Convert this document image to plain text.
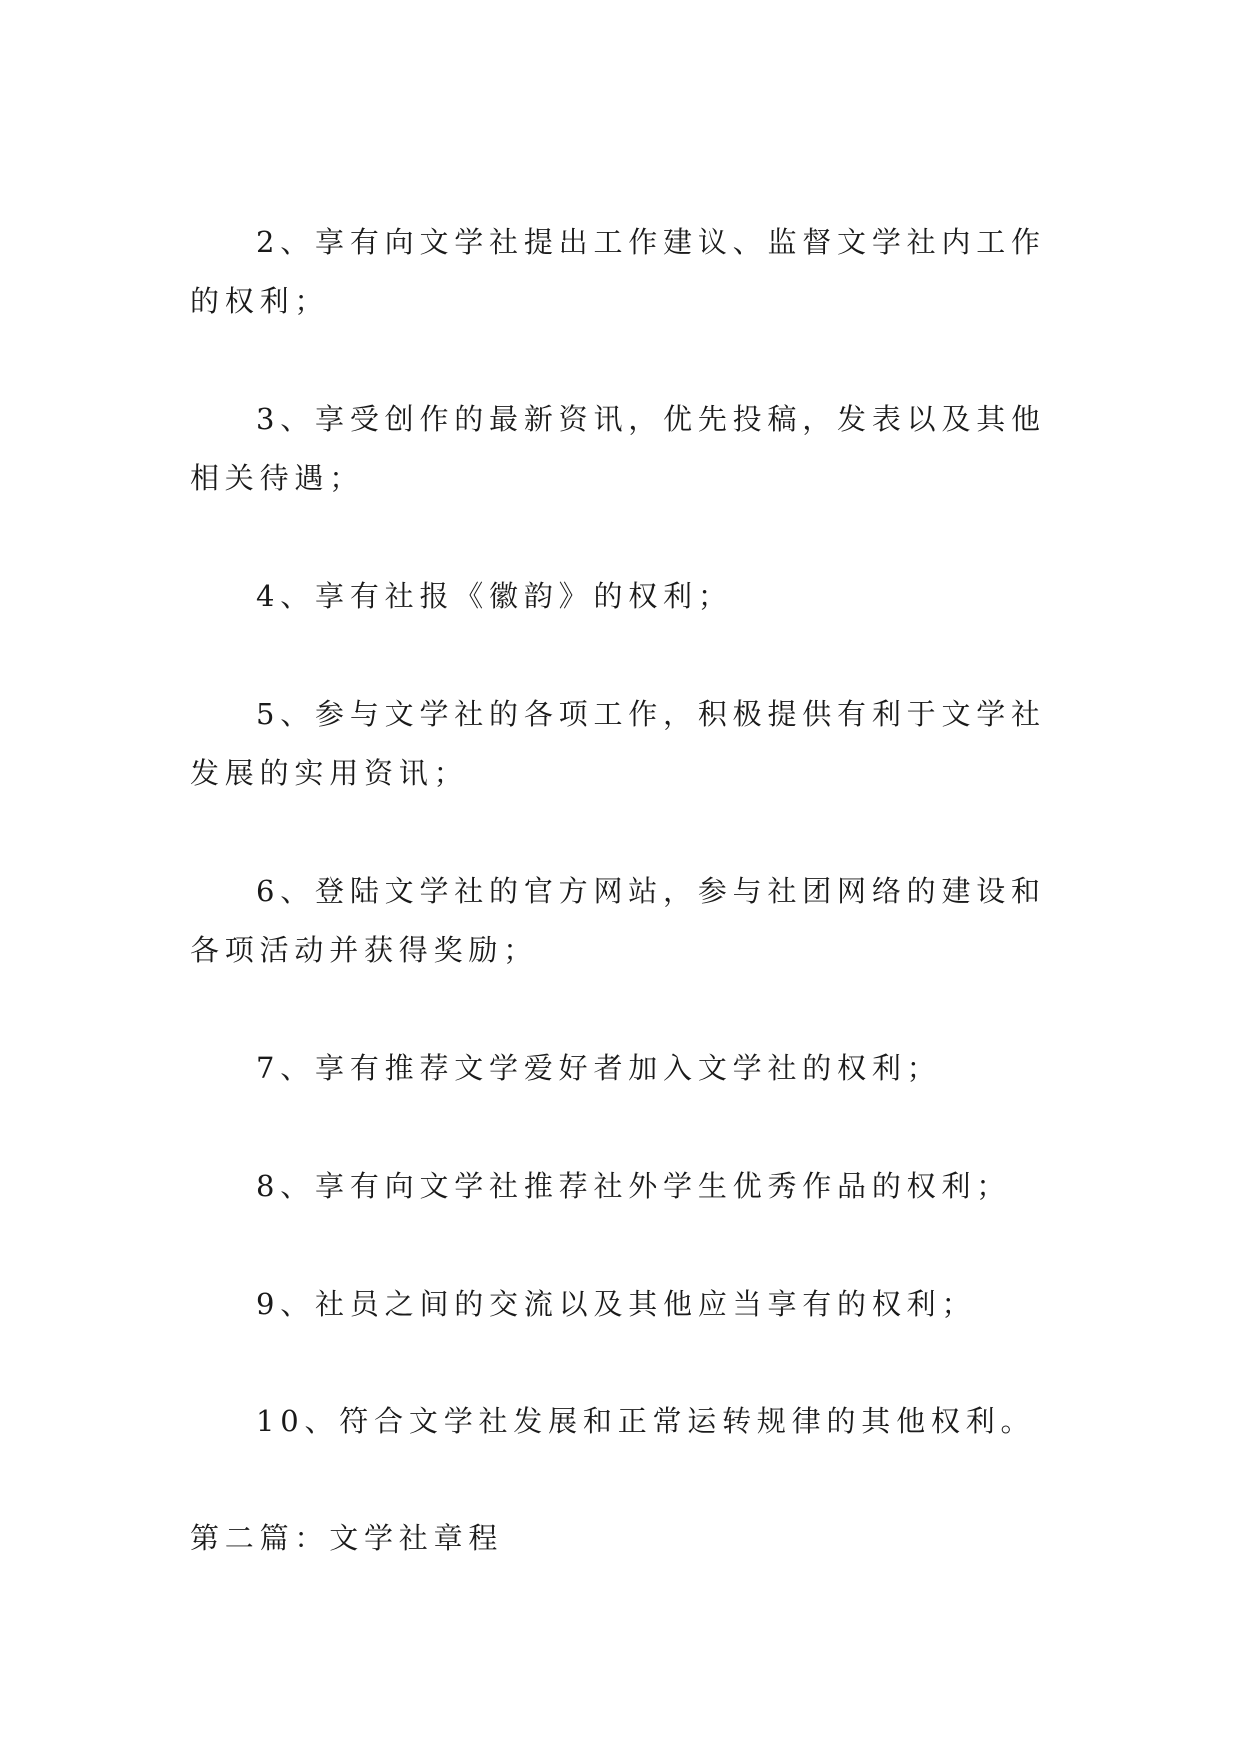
2、享有向文学社提出工作建议、监督文学社内工作的权利；

3、享受创作的最新资讯，优先投稿，发表以及其他相关待遇；

4、享有社报《徽韵》的权利；

5、参与文学社的各项工作，积极提供有利于文学社发展的实用资讯；

6、登陆文学社的官方网站，参与社团网络的建设和各项活动并获得奖励；

7、享有推荐文学爱好者加入文学社的权利；

8、享有向文学社推荐社外学生优秀作品的权利；

9、社员之间的交流以及其他应当享有的权利；

10、符合文学社发展和正常运转规律的其他权利。

第二篇：文学社章程
